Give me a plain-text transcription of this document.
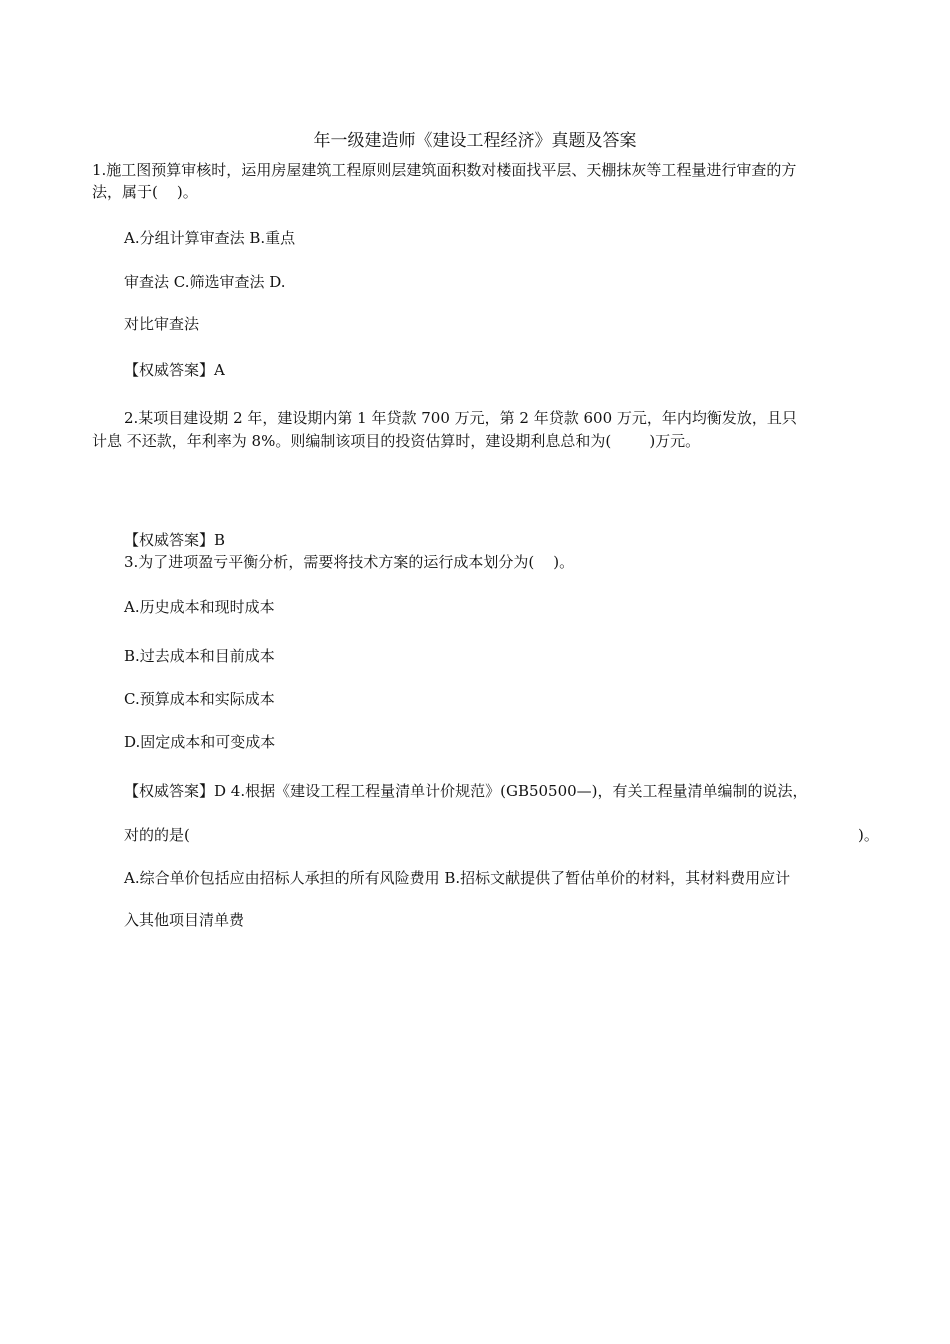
年一级建造师《建设工程经济》真题及答案
1.施工图预算审核时，运用房屋建筑工程原则层建筑面积数对楼面找平层、天棚抹灰等工程量进行审查的方
法，属于(    )。
A.分组计算审查法 B.重点
审查法 C.筛选审查法 D.
对比审查法
【权威答案】A
2.某项目建设期 2 年，建设期内第 1 年贷款 700 万元，第 2 年贷款 600 万元，年内均衡发放，且只
计息 不还款，年利率为 8%。则编制该项目的投资估算时，建设期利息总和为(        )万元。
【权威答案】B
3.为了进项盈亏平衡分析，需要将技术方案的运行成本划分为(    )。
A.历史成本和现时成本
B.过去成本和目前成本
C.预算成本和实际成本
D.固定成本和可变成本
【权威答案】D 4.根据《建设工程工程量清单计价规范》(GB50500—)，有关工程量清单编制的说法，
对的的是(	)。
A.综合单价包括应由招标人承担的所有风险费用 B.招标文献提供了暂估单价的材料，其材料费用应计
入其他项目清单费
